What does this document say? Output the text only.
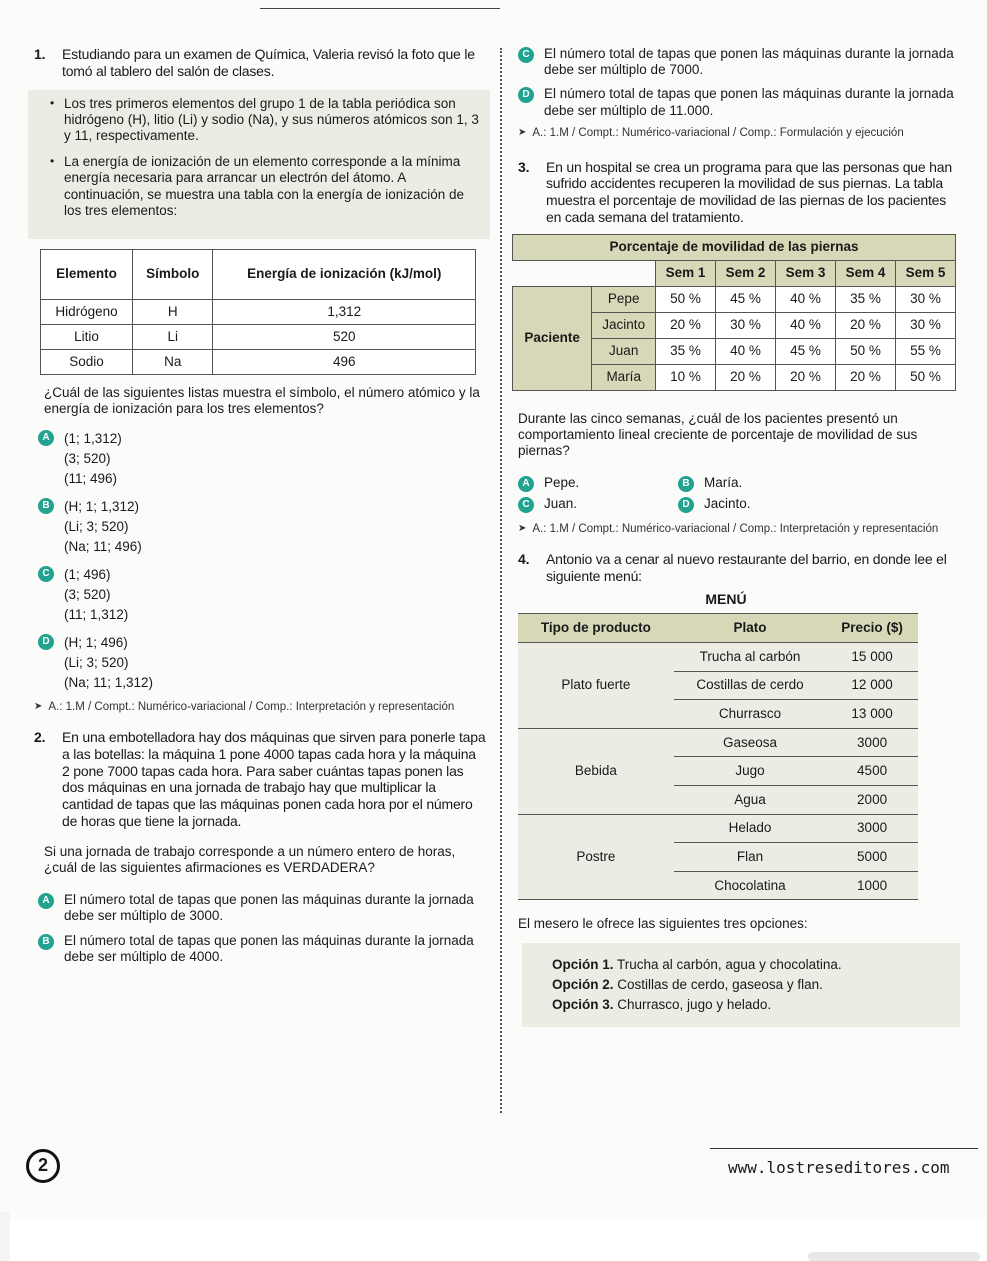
1.	Estudiando para un examen de Química, Valeria revisó la foto que le tomó al tablero del salón de clases.
• Los tres primeros elementos del grupo 1 de la tabla periódica son hidrógeno (H), litio (Li) y sodio (Na), y sus números atómicos son 1, 3 y 11, respectivamente.
• La energía de ionización de un elemento corresponde a la mínima energía necesaria para arrancar un electrón del átomo. A continuación, se muestra una tabla con la energía de ionización de los tres elementos:
Elemento	Símbolo	Energía de ionización (kJ/mol)
Hidrógeno	H	1,312
Litio	Li	520
Sodio	Na	496
¿Cuál de las siguientes listas muestra el símbolo, el número atómico y la energía de ionización para los tres elementos?
A	(1; 1,312)
(3; 520)
(11; 496)
B	(H; 1; 1,312)
(Li; 3; 520)
(Na; 11; 496)
C	(1; 496)
(3; 520)
(11; 1,312)
D	(H; 1; 496)
(Li; 3; 520)
(Na; 11; 1,312)
➤ A.: 1.M / Compt.: Numérico-variacional / Comp.: Interpretación y representación
2.	En una embotelladora hay dos máquinas que sirven para ponerle tapa a las botellas: la máquina 1 pone 4000 tapas cada hora y la máquina 2 pone 7000 tapas cada hora. Para saber cuántas tapas ponen las dos máquinas en una jornada de trabajo hay que multiplicar la cantidad de tapas que las máquinas ponen cada hora por el número de horas que tiene la jornada.
Si una jornada de trabajo corresponde a un número entero de horas, ¿cuál de las siguientes afirmaciones es VERDADERA?
A	El número total de tapas que ponen las máquinas durante la jornada debe ser múltiplo de 3000.
B	El número total de tapas que ponen las máquinas durante la jornada debe ser múltiplo de 4000.
C	El número total de tapas que ponen las máquinas durante la jornada debe ser múltiplo de 7000.
D	El número total de tapas que ponen las máquinas durante la jornada debe ser múltiplo de 11.000.
➤ A.: 1.M / Compt.: Numérico-variacional / Comp.: Formulación y ejecución
3.	En un hospital se crea un programa para que las personas que han sufrido accidentes recuperen la movilidad de sus piernas. La tabla muestra el porcentaje de movilidad de las piernas de los pacientes en cada semana del tratamiento.
Porcentaje de movilidad de las piernas						
		Sem 1	Sem 2	Sem 3	Sem 4	Sem 5
Paciente	Pepe	50 %	45 %	40 %	35 %	30 %
	Jacinto	20 %	30 %	40 %	20 %	30 %
	Juan	35 %	40 %	45 %	50 %	55 %
	María	10 %	20 %	20 %	20 %	50 %
Durante las cinco semanas, ¿cuál de los pacientes presentó un comportamiento lineal creciente de porcentaje de movilidad de sus piernas?
A	Pepe.	B	María.
C	Juan.	D	Jacinto.
➤ A.: 1.M / Compt.: Numérico-variacional / Comp.: Interpretación y representación
4.	Antonio va a cenar al nuevo restaurante del barrio, en donde lee el siguiente menú:
MENÚ
Tipo de producto	Plato	Precio ($)
Plato fuerte	Trucha al carbón	15 000
	Costillas de cerdo	12 000
	Churrasco	13 000
Bebida	Gaseosa	3000
	Jugo	4500
	Agua	2000
Postre	Helado	3000
	Flan	5000
	Chocolatina	1000
El mesero le ofrece las siguientes tres opciones:
Opción 1. Trucha al carbón, agua y chocolatina.
Opción 2. Costillas de cerdo, gaseosa y flan.
Opción 3. Churrasco, jugo y helado.
2	www.lostreseditores.com
